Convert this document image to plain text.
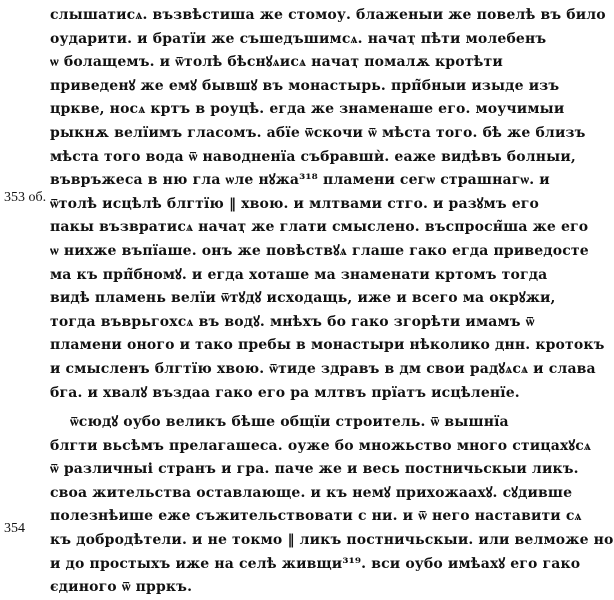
353 об.
354
слышатисѧ. възвѣстиша же стомоу. блаженыи же повелѣ въ било
оударити. и братїи же съшедъшимсѧ. начаҭ пѣти молебенъ
ѡ болащемъ. и ѿтолѣ бѣснꙋѧисѧ начаҭ помалѫ кротѣти
приведенꙋ же емꙋ бывшꙋ въ монастырь. прп̃бныи изыде изъ
црквe, носѧ кртъ в роуцѣ. егда же знаменаше его. моучимыи
рыкнѫ велїимъ гласомъ. абїе ѿскочи ѿ мѣста того. бѣ же близъ
мѣста того вода ѿ наводненїа събравшѝ. еаже видѣвъ болныи,
въвръжеса в ню гла ѡле нꙋжа³¹⁸ пламени сегѡ страшнагѡ. и
ѿтолѣ исцѣлѣ блгтїю ‖ хвою. и млтвами стго. и разꙋмъ его
пакы възвратисѧ начаҭ же глати смыслено. въспросн̃ша же его
ѡ нихже въпїаше. онъ же повѣствꙋѧ глаше гако егда приведосте
ма къ прп̃бномꙋ. и егда хоташе ма знаменати кртомъ тогда
видѣ пламень велїи ѿтꙋдꙋ исходащь, иже и всего ма окрꙋжи,
тогда въврьгохсѧ въ водꙋ. мнѣхъ бо гако згорѣти имамъ ѿ
пламени оного и тако пребы в монастыри нѣколико днн. кротокъ
и смысленъ блгтїю хвою. ѿтиде здравъ в дм свои радꙋѧсѧ и слава
бга. и хвалꙋ въздаа гако его ра млтвъ прїатъ исцѣленїе.
ѿсюдꙋ оубо великъ бѣше общїи строитель. ѿ вышнїа
блгти вьсѣмъ прелагашеса. оуже бо множьство много стицахꙋсѧ
ѿ различныі странъ и гра. паче же и весь постничьскыи ликъ.
своа жительства оставлающе. и къ немꙋ прихожаахꙋ. сꙋдивше
полезнѣише еже съжительствовати с ни. и ѿ него наставити сѧ
къ добродѣтели. и не токмо ‖ ликъ постничьскыи. или велможе но
и до простыхъ иже на селѣ живщи³¹⁹. вси оубо имѣахꙋ его гако
єдиного ѿ прркъ.
